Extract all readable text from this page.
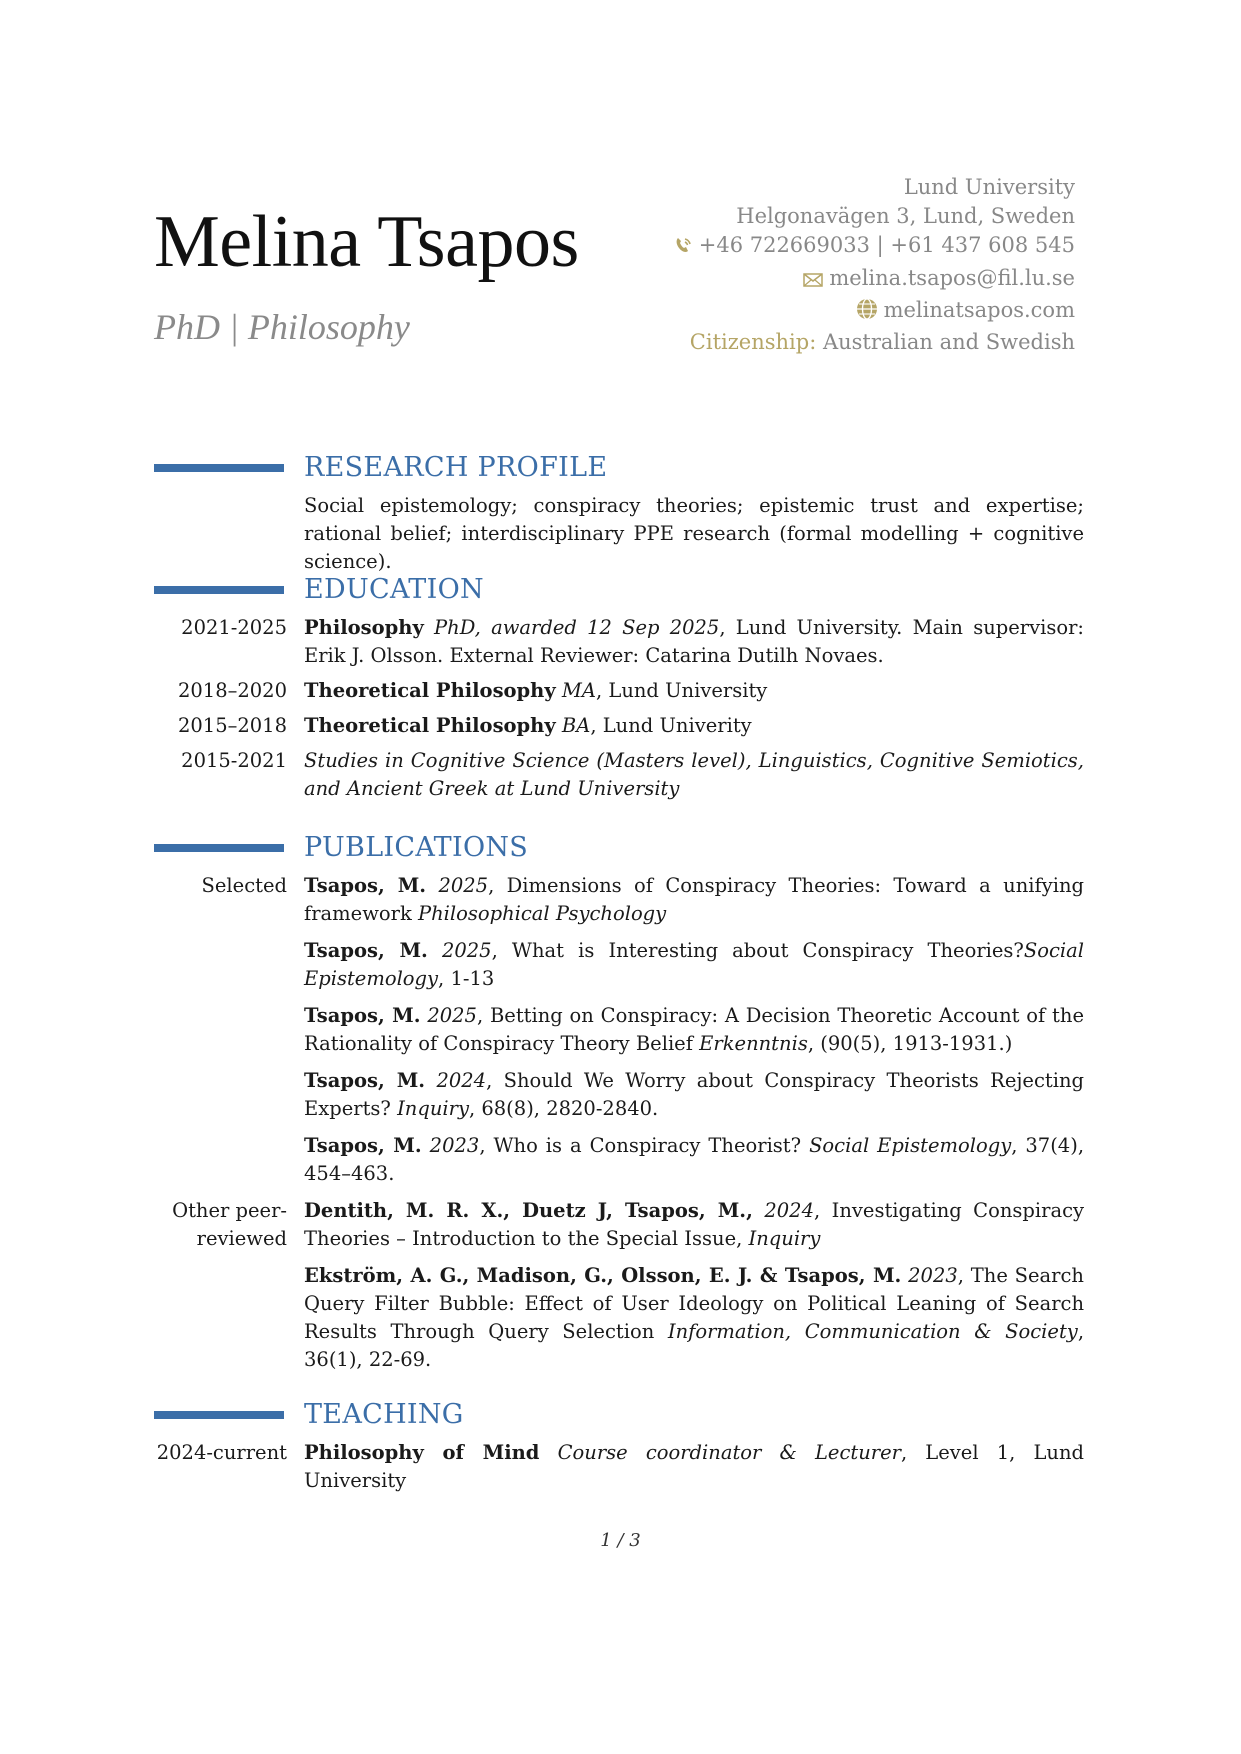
Melina Tsapos
PhD | Philosophy
Lund University
Helgonavägen 3, Lund, Sweden
+46 722669033 | +61 437 608 545
melina.tsapos@fil.lu.se
melinatsapos.com
Citizenship: Australian and Swedish
RESEARCH PROFILE
Social epistemology; conspiracy theories; epistemic trust and expertise; rational belief; interdisciplinary PPE research (formal modelling + cognitive science).
EDUCATION
2021-2025 Philosophy PhD, awarded 12 Sep 2025, Lund University. Main supervisor: Erik J. Olsson. External Reviewer: Catarina Dutilh Novaes.
2018–2020 Theoretical Philosophy MA, Lund University
2015–2018 Theoretical Philosophy BA, Lund Univerity
2015-2021 Studies in Cognitive Science (Masters level), Linguistics, Cognitive Semiotics, and Ancient Greek at Lund University
PUBLICATIONS
Selected Tsapos, M. 2025, Dimensions of Conspiracy Theories: Toward a unifying framework Philosophical Psychology
Tsapos, M. 2025, What is Interesting about Conspiracy Theories?Social Epistemology, 1-13
Tsapos, M. 2025, Betting on Conspiracy: A Decision Theoretic Account of the Rationality of Conspiracy Theory Belief Erkenntnis, (90(5), 1913-1931.)
Tsapos, M. 2024, Should We Worry about Conspiracy Theorists Rejecting Experts? Inquiry, 68(8), 2820-2840.
Tsapos, M. 2023, Who is a Conspiracy Theorist? Social Epistemology, 37(4), 454–463.
Other peer-reviewed
Dentith, M. R. X., Duetz J, Tsapos, M., 2024, Investigating Conspiracy Theories – Introduction to the Special Issue, Inquiry
Ekström, A. G., Madison, G., Olsson, E. J. & Tsapos, M. 2023, The Search Query Filter Bubble: Effect of User Ideology on Political Leaning of Search Results Through Query Selection Information, Communication & Society, 36(1), 22-69.
TEACHING
2024-current Philosophy of Mind Course coordinator & Lecturer, Level 1, Lund University
1 / 3
